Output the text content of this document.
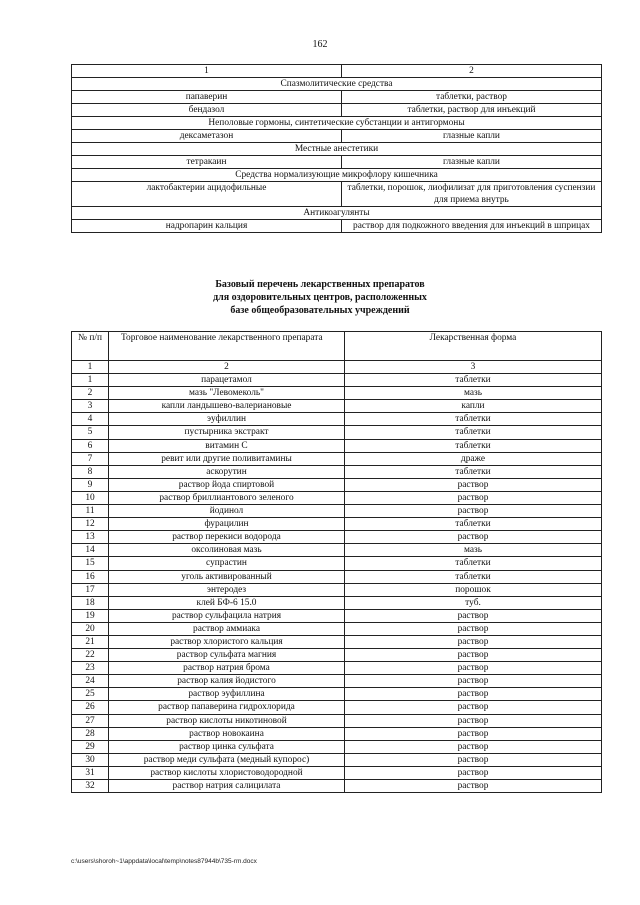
162
1	2
Спазмолитические средства	
папаверин	таблетки, раствор
бендазол	таблетки, раствор для инъекций
Неполовые гормоны, синтетические субстанции и антигормоны	
дексаметазон	глазные капли
Местные анестетики	
тетракаин	глазные капли
Средства нормализующие микрофлору кишечника	
лактобактерии ацидофильные	таблетки, порошок, лиофилизат для приготовления суспензии для приема внутрь
Антикоагулянты	
надропарин кальция	раствор для подкожного введения для инъекций в шприцах
Базовый перечень лекарственных препаратов
для оздоровительных центров, расположенных
базе общеобразовательных учреждений
№ п/п	Торговое наименование лекарственного препарата	Лекарственная форма
1	2	3
1	парацетамол	таблетки
2	мазь "Левомеколь"	мазь
3	капли ландышево-валериановые	капли
4	эуфиллин	таблетки
5	пустырника экстракт	таблетки
6	витамин С	таблетки
7	ревит или другие поливитамины	драже
8	аскорутин	таблетки
9	раствор йода спиртовой	раствор
10	раствор бриллиантового зеленого	раствор
11	йодинол	раствор
12	фурацилин	таблетки
13	раствор перекиси водорода	раствор
14	оксолиновая мазь	мазь
15	супрастин	таблетки
16	уголь активированный	таблетки
17	энтеродез	порошок
18	клей БФ-6 15.0	туб.
19	раствор сульфацила натрия	раствор
20	раствор аммиака	раствор
21	раствор хлористого кальция	раствор
22	раствор сульфата магния	раствор
23	раствор натрия брома	раствор
24	раствор калия йодистого	раствор
25	раствор эуфиллина	раствор
26	раствор папаверина гидрохлорида	раствор
27	раствор кислоты никотиновой	раствор
28	раствор новокаина	раствор
29	раствор цинка сульфата	раствор
30	раствор меди сульфата (медный купорос)	раствор
31	раствор кислоты хлористоводородной	раствор
32	раствор натрия салицилата	раствор
c:\users\shoroh~1\appdata\local\temp\notes87944b\735-rm.docx
